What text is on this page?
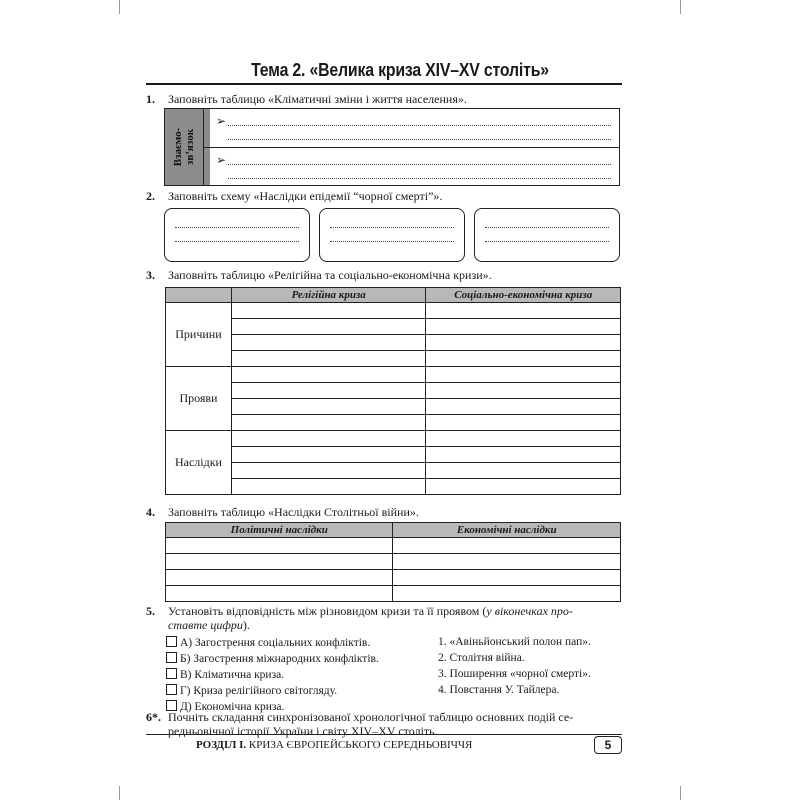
Тема 2. «Велика криза XIV–XV століть»
1. Заповніть таблицю «Кліматичні зміни і життя населення».
Взаємо-
зв’язок
➢
➢
2. Заповніть схему «Наслідки епідемії “чорної смерті”».
3. Заповніть таблицю «Релігійна та соціально-економічна кризи».
	Релігійна криза	Соціально-економічна криза
Причини		

Прояви		

Наслідки		

4. Заповніть таблицю «Наслідки Столітньої війни».
Політичні наслідки	Економічні наслідки

5. Установіть відповідність між різновидом кризи та її проявом (у віконечках про-
ставте цифри).
А) Загострення соціальних конфліктів.
Б) Загострення міжнародних конфліктів.
В) Кліматична криза.
Г) Криза релігійного світогляду.
Д) Економічна криза.
1. «Авіньйонський полон пап».
2. Столітня війна.
3. Поширення «чорної смерті».
4. Повстання У. Тайлера.
6*. Почніть складання синхронізованої хронологічної таблицю основних подій се-
редньовічної історії України і світу XIV–XV століть.
РОЗДІЛ I. КРИЗА ЄВРОПЕЙСЬКОГО СЕРЕДНЬОВІЧЧЯ	5
